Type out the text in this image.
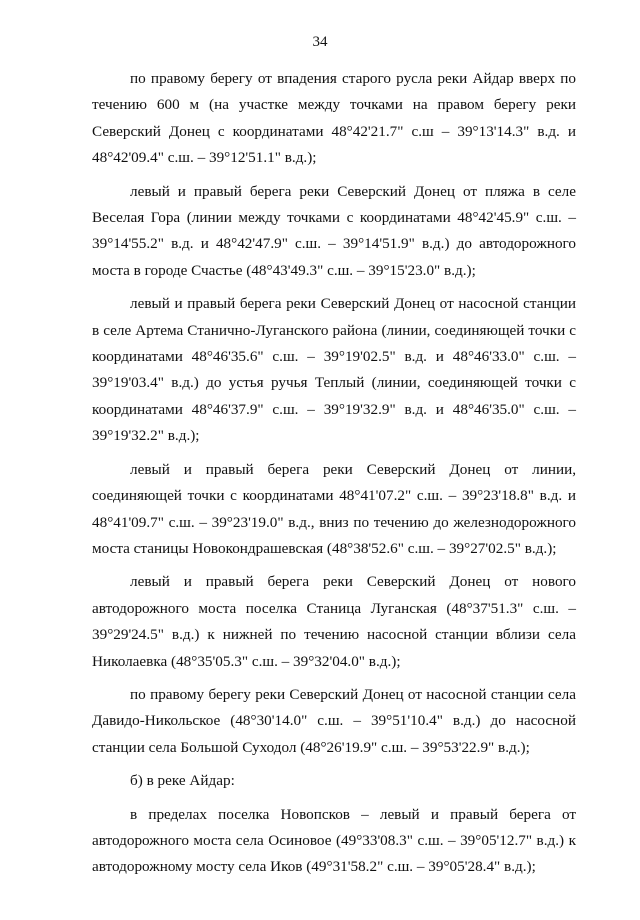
34

по правому берегу от впадения старого русла реки Айдар вверх по течению 600 м (на участке между точками на правом берегу реки Северский Донец с координатами 48°42'21.7" с.ш – 39°13'14.3" в.д. и 48°42'09.4" с.ш. – 39°12'51.1" в.д.);

левый и правый берега реки Северский Донец от пляжа в селе Веселая Гора (линии между точками с координатами 48°42'45.9" с.ш. – 39°14'55.2" в.д. и 48°42'47.9" с.ш. – 39°14'51.9" в.д.) до автодорожного моста в городе Счастье (48°43'49.3" с.ш. – 39°15'23.0" в.д.);

левый и правый берега реки Северский Донец от насосной станции в селе Артема Станично-Луганского района (линии, соединяющей точки с координатами 48°46'35.6" с.ш. – 39°19'02.5" в.д. и 48°46'33.0" с.ш. – 39°19'03.4" в.д.) до устья ручья Теплый (линии, соединяющей точки с координатами 48°46'37.9" с.ш. – 39°19'32.9" в.д. и 48°46'35.0" с.ш. – 39°19'32.2" в.д.);

левый и правый берега реки Северский Донец от линии, соединяющей точки с координатами 48°41'07.2" с.ш. – 39°23'18.8" в.д. и 48°41'09.7" с.ш. – 39°23'19.0" в.д., вниз по течению до железнодорожного моста станицы Новокондрашевская (48°38'52.6" с.ш. – 39°27'02.5" в.д.);

левый и правый берега реки Северский Донец от нового автодорожного моста поселка Станица Луганская (48°37'51.3" с.ш. – 39°29'24.5" в.д.) к нижней по течению насосной станции вблизи села Николаевка (48°35'05.3" с.ш. – 39°32'04.0" в.д.);

по правому берегу реки Северский Донец от насосной станции села Давидо-Никольское (48°30'14.0" с.ш. – 39°51'10.4" в.д.) до насосной станции села Большой Суходол (48°26'19.9" с.ш. – 39°53'22.9" в.д.);

б) в реке Айдар:

в пределах поселка Новопсков – левый и правый берега от автодорожного моста села Осиновое (49°33'08.3" с.ш. – 39°05'12.7" в.д.) к автодорожному мосту села Иков (49°31'58.2" с.ш. – 39°05'28.4" в.д.);
